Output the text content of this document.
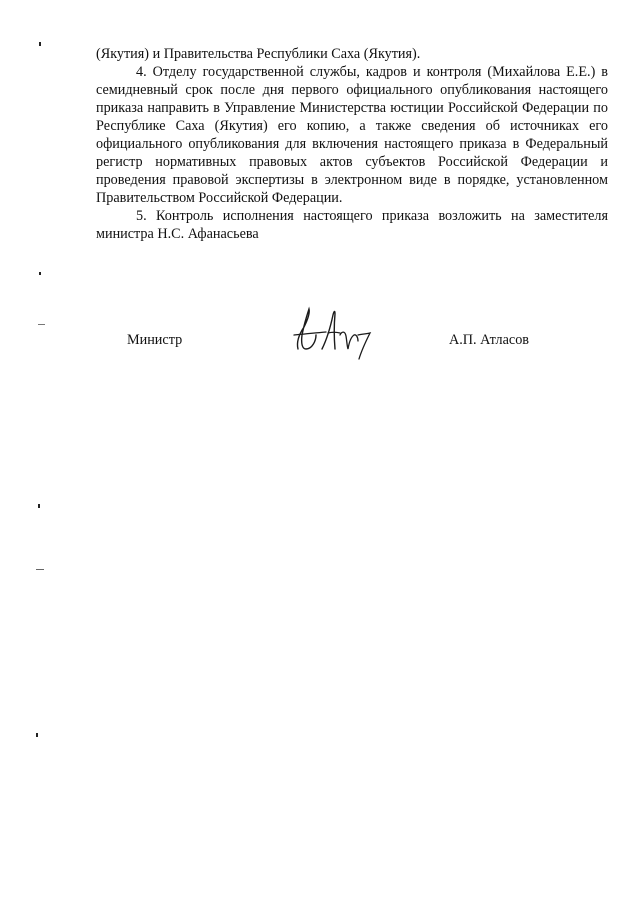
(Якутия) и Правительства Республики Саха (Якутия).

4. Отделу государственной службы, кадров и контроля (Михайлова Е.Е.) в семидневный срок после дня первого официального опубликования настоящего приказа направить в Управление Министерства юстиции Российской Федерации по Республике Саха (Якутия) его копию, а также сведения об источниках его официального опубликования для включения настоящего приказа в Федеральный регистр нормативных правовых актов субъектов Российской Федерации и проведения правовой экспертизы в электронном виде в порядке, установленном Правительством Российской Федерации.

5. Контроль исполнения настоящего приказа возложить на заместителя министра Н.С. Афанасьева

Министр	А.П. Атласов
